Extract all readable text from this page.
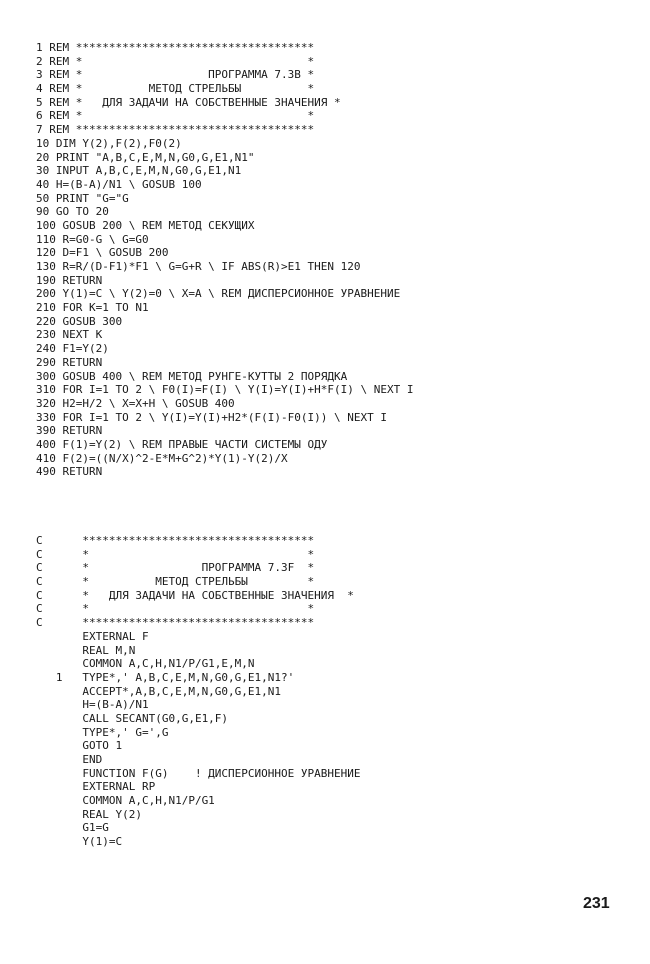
1 REM ************************************
2 REM *                                  *
3 REM *                   ПРОГРАММА 7.3B *
4 REM *          МЕТОД СТРЕЛЬБЫ          *
5 REM *   ДЛЯ ЗАДАЧИ НА СОБСТВЕННЫЕ ЗНАЧЕНИЯ *
6 REM *                                  *
7 REM ************************************
10 DIM Y(2),F(2),F0(2)
20 PRINT "A,B,C,E,M,N,G0,G,E1,N1"
30 INPUT A,B,C,E,M,N,G0,G,E1,N1
40 H=(B-A)/N1 \ GOSUB 100
50 PRINT "G="G
90 GO TO 20
100 GOSUB 200 \ REM МЕТОД СЕКУЩИХ
110 R=G0-G \ G=G0
120 D=F1 \ GOSUB 200
130 R=R/(D-F1)*F1 \ G=G+R \ IF ABS(R)>E1 THEN 120
190 RETURN
200 Y(1)=C \ Y(2)=0 \ X=A \ REM ДИСПЕРСИОННОЕ УРАВНЕНИЕ
210 FOR K=1 TO N1
220 GOSUB 300
230 NEXT K
240 F1=Y(2)
290 RETURN
300 GOSUB 400 \ REM МЕТОД РУНГЕ-КУТТЫ 2 ПОРЯДКА
310 FOR I=1 TO 2 \ F0(I)=F(I) \ Y(I)=Y(I)+H*F(I) \ NEXT I
320 H2=H/2 \ X=X+H \ GOSUB 400
330 FOR I=1 TO 2 \ Y(I)=Y(I)+H2*(F(I)-F0(I)) \ NEXT I
390 RETURN
400 F(1)=Y(2) \ REM ПРАВЫЕ ЧАСТИ СИСТЕМЫ ОДУ
410 F(2)=((N/X)^2-E*M+G^2)*Y(1)-Y(2)/X
490 RETURN
C      ***********************************
C      *                                 *
C      *                 ПРОГРАММА 7.3F  *
C      *          МЕТОД СТРЕЛЬБЫ         *
C      *   ДЛЯ ЗАДАЧИ НА СОБСТВЕННЫЕ ЗНАЧЕНИЯ  *
C      *                                 *
C      ***********************************
EXTERNAL F
REAL M,N
COMMON A,C,H,N1/P/G1,E,M,N
1   TYPE*,' A,B,C,E,M,N,G0,G,E1,N1?'
ACCEPT*,A,B,C,E,M,N,G0,G,E1,N1
H=(B-A)/N1
CALL SECANT(G0,G,E1,F)
TYPE*,' G=',G
GOTO 1
END
FUNCTION F(G)    ! ДИСПЕРСИОННОЕ УРАВНЕНИЕ
EXTERNAL RP
COMMON A,C,H,N1/P/G1
REAL Y(2)
G1=G
Y(1)=C
231
